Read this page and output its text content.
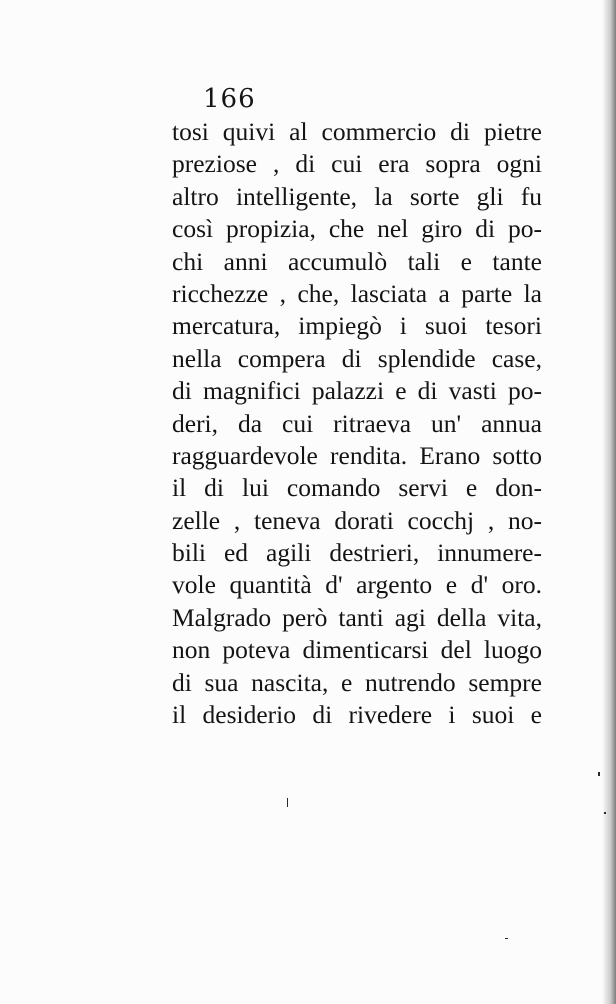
166
tosi quivi al commercio di pietre
preziose , di cui era sopra ogni
altro intelligente, la sorte gli fu
così propizia, che nel giro di po-
chi anni accumulò tali e tante
ricchezze , che, lasciata a parte la
mercatura, impiegò i suoi tesori
nella compera di splendide case,
di magnifici palazzi e di vasti po-
deri, da cui ritraeva un' annua
ragguardevole rendita. Erano sotto
il di lui comando servi e don-
zelle , teneva dorati cocchj , no-
bili ed agili destrieri, innumere-
vole quantità d' argento e d' oro.
Malgrado però tanti agi della vita,
non poteva dimenticarsi del luogo
di sua nascita, e nutrendo sempre
il desiderio di rivedere i suoi e
